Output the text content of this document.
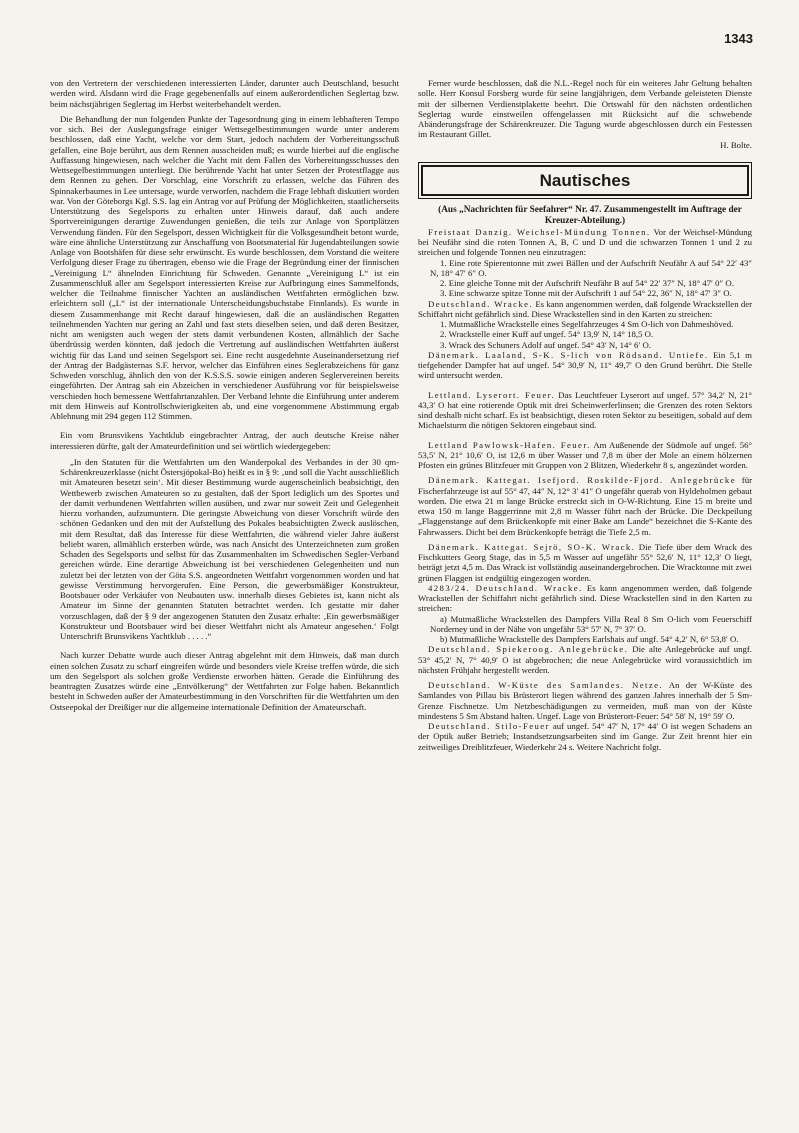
1343

von den Vertretern der verschiedenen interessierten Länder, darunter auch Deutschland, besucht werden wird. Alsdann wird die Frage gegebenenfalls auf einem außerordentlichen Seglertag bzw. beim nächstjährigen Seglertag im Herbst weiterbehandelt werden.

Die Behandlung der nun folgenden Punkte der Tagesordnung ging in einem lebhafteren Tempo vor sich. Bei der Auslegungsfrage einiger Wettsegelbestimmungen wurde unter anderem beschlossen, daß eine Yacht, welche vor dem Start, jedoch nachdem der Vorbereitungsschuß gefallen, eine Boje berührt, aus dem Rennen ausscheiden muß; es wurde hierbei auf die englische Auffassung hingewiesen, nach welcher die Yacht mit dem Fallen des Vorbereitungsschusses den Wettsegelbestimmungen unterliegt. Die berührende Yacht hat unter Setzen der Protestflagge aus dem Rennen zu gehen. Der Vorschlag, eine Vorschrift zu erlassen, welche das Führen des Spinnakerbaumes in Lee untersage, wurde verworfen, nachdem die Frage lebhaft diskutiert worden war. Von der Göteborgs Kgl. S.S. lag ein Antrag vor auf Prüfung der Möglichkeiten, staatlicherseits Unterstützung des Segelsports zu erhalten unter Hinweis darauf, daß auch andere Sportvereinigungen derartige Zuwendungen genießen, die teils zur Anlage von Sportplätzen Verwendung fänden. Für den Segelsport, dessen Wichtigkeit für die Volksgesundheit betont wurde, wäre eine ähnliche Unterstützung zur Anschaffung von Bootsmaterial für Jugendabteilungen sowie Anlage von Bootshäfen für diese sehr erwünscht. Es wurde beschlossen, dem Vorstand die weitere Verfolgung dieser Frage zu übertragen, ebenso wie die Frage der Begründung einer der finnischen „Vereinigung L“ ähnelnden Einrichtung für Schweden. Genannte „Vereinigung L“ ist ein Zusammenschluß aller am Segelsport interessierten Kreise zur Aufbringung eines Sammelfonds, welcher die Teilnahme finnischer Yachten an ausländischen Wettfahrten ermöglichen bzw. erleichtern soll („L“ ist der internationale Unterscheidungsbuchstabe Finnlands). Es wurde in diesem Zusammenhange mit Recht darauf hingewiesen, daß die an ausländischen Regatten teilnehmenden Yachten nur gering an Zahl und fast stets dieselben seien, und daß deren Besitzer, nicht am wenigsten auch wegen der stets damit verbundenen Kosten, allmählich der Sache überdrüssig werden könnten, daß jedoch die Vertretung auf ausländischen Wettfahrten äußerst wichtig für das Land und seinen Segelsport sei. Eine recht ausgedehnte Auseinandersetzung rief der Antrag der Badgästernas S.F. hervor, welcher das Einführen eines Seglerabzeichens für ganz Schweden vorschlug, ähnlich den von der K.S.S.S. sowie einigen anderen Seglervereinen bereits eingeführten. Der Antrag sah ein Abzeichen in verschiedener Ausführung vor für beispielsweise verschieden hoch bemessene Wettfahrtanzahlen. Der Verband lehnte die Einführung unter anderem mit dem Hinweis auf Kontrollschwierigkeiten ab, und eine vorgenommene Abstimmung ergab Ablehnung mit 294 gegen 112 Stimmen.

Ein vom Brunsvikens Yachtklub eingebrachter Antrag, der auch deutsche Kreise näher interessieren dürfte, galt der Amateurdefinition und sei wörtlich wiedergegeben:

„In den Statuten für die Wettfahrten um den Wanderpokal des Verbandes in der 30 qm-Schärenkreuzerklasse (nicht Östersjöpokal-Bo) heißt es in § 9: ‚und soll die Yacht ausschließlich mit Amateuren besetzt sein‘. Mit dieser Bestimmung wurde augenscheinlich beabsichtigt, den Wettbewerb zwischen Amateuren so zu gestalten, daß der Sport lediglich um des Sportes und der damit verbundenen Wettfahrten willen ausüben, und zwar nur soweit Zeit und Gelegenheit hierzu vorhanden, aufzumuntern. Die geringste Abweichung von dieser Vorschrift würde den schönen Gedanken und den mit der Aufstellung des Pokales beabsichtigten Zweck auslöschen, mit dem Resultat, daß das Interesse für diese Wettfahrten, die während vieler Jahre äußerst beliebt waren, allmählich ersterben würde, was nach Ansicht des Unterzeichneten zum großen Schaden des Segelsports und selbst für das Zusammenhalten im Schwedischen Segler-Verband gereichen würde. Eine derartige Abweichung ist bei verschiedenen Gelegenheiten und nun zuletzt bei der letzten von der Göta S.S. angeordneten Wettfahrt vorgenommen worden und hat gewisse Verstimmung hervorgerufen. Eine Person, die gewerbsmäßiger Konstrukteur, Bootsbauer oder Verkäufer von Neubauten usw. innerhalb dieses Gebietes ist, kann nicht als Amateur im Sinne der genannten Statuten betrachtet werden. Ich gestatte mir daher vorzuschlagen, daß der § 9 der angezogenen Statuten den Zusatz erhalte: ‚Ein gewerbsmäßiger Konstrukteur und Bootsbauer wird bei dieser Wettfahrt nicht als Amateur angesehen.‘ Folgt Unterschrift Brunsvikens Yachtklub . . . . .“

Nach kurzer Debatte wurde auch dieser Antrag abgelehnt mit dem Hinweis, daß man durch einen solchen Zusatz zu scharf eingreifen würde und besonders viele Kreise treffen würde, die sich um den Segelsport als solchen große Verdienste erworben hätten. Gerade die Einführung des beantragten Zusatzes würde eine „Entvölkerung“ der Wettfahrten zur Folge haben. Bekanntlich besteht in Schweden außer der Amateurbestimmung in den Vorschriften für die Wettfahrten um den Ostseepokal der Dreißiger nur die allgemeine internationale Definition der Amateurschaft.

Ferner wurde beschlossen, daß die N.L.-Regel noch für ein weiteres Jahr Geltung behalten solle. Herr Konsul Forsberg wurde für seine langjährigen, dem Verbande geleisteten Dienste mit der silbernen Verdienstplakette beehrt. Die Ortswahl für den nächsten ordentlichen Seglertag wurde einstweilen offengelassen mit Rücksicht auf die schwebende Abänderungsfrage der Schärenkreuzer. Die Tagung wurde abgeschlossen durch ein Festessen im Restaurant Gillet.

H. Bolte.

Nautisches

(Aus „Nachrichten für Seefahrer“ Nr. 47. Zusammengestellt im Auftrage der Kreuzer-Abteilung.)

Freistaat Danzig. Weichsel-Mündung Tonnen. Vor der Weichsel-Mündung bei Neufähr sind die roten Tonnen A, B, C und D und die schwarzen Tonnen 1 und 2 zu streichen und folgende Tonnen neu einzutragen:

1. Eine rote Spierentonne mit zwei Bällen und der Aufschrift Neufähr A auf 54° 22′ 43″ N, 18° 47′ 6″ O.

2. Eine gleiche Tonne mit der Aufschrift Neufähr B auf 54° 22′ 37″ N, 18° 47′ 0″ O.

3. Eine schwarze spitze Tonne mit der Aufschrift 1 auf 54° 22, 36″ N, 18° 47′ 3″ O.

Deutschland. Wracke. Es kann angenommen werden, daß folgende Wrackstellen der Schiffahrt nicht gefährlich sind. Diese Wrackstellen sind in den Karten zu streichen:

1. Mutmaßliche Wrackstelle eines Segelfahrzeuges 4 Sm O-lich von Dahmeshöved.

2. Wrackstelle einer Kuff auf ungef. 54° 13,9′ N, 14° 18,5 O.

3. Wrack des Schuners Adolf auf ungef. 54° 43′ N, 14° 6′ O.

Dänemark. Laaland, S-K. S-lich von Rödsand. Untiefe. Ein 5,1 m tiefgehender Dampfer hat auf ungef. 54° 30,9′ N, 11° 49,7′ O den Grund berührt. Die Stelle wird untersucht werden.

Lettland. Lyserort. Feuer. Das Leuchtfeuer Lyserort auf ungef. 57° 34,2′ N, 21° 43,3′ O hat eine rotierende Optik mit drei Scheinwerferlinsen; die Grenzen des roten Sektors sind deshalb nicht scharf. Es ist beabsichtigt, diesen roten Sektor zu beseitigen, sobald auf dem Michaelsturm die nötigen Sektoren eingebaut sind.

Lettland Pawlowsk-Hafen. Feuer. Am Außenende der Südmole auf ungef. 56° 53,5′ N, 21° 10,6′ O, ist 12,6 m über Wasser und 7,8 m über der Mole an einem hölzernen Pfosten ein grünes Blitzfeuer mit Gruppen von 2 Blitzen, Wiederkehr 8 s, angezündet worden.

Dänemark. Kattegat. Isefjord. Roskilde-Fjord. Anlegebrücke für Fischerfahrzeuge ist auf 55° 47, 44″ N, 12° 3′ 41″ O ungefähr querab von Hyldeholmen gebaut worden. Die etwa 21 m lange Brücke erstreckt sich in O-W-Richtung. Eine 15 m breite und etwa 150 m lange Baggerrinne mit 2,8 m Wasser führt nach der Brücke. Die Deckpeilung „Flaggenstange auf dem Brückenkopfe mit einer Bake am Lande“ bezeichnet die S-Kante des Fahrwassers. Dicht bei dem Brückenkopfe beträgt die Tiefe 2,5 m.

Dänemark. Kattegat. Sejrö, SO-K. Wrack. Die Tiefe über dem Wrack des Fischkutters Georg Stage, das in 5,5 m Wasser auf ungefähr 55° 52,6′ N, 11° 12,3′ O liegt, beträgt jetzt 4,5 m. Das Wrack ist vollständig auseinandergebrochen. Die Wracktonne mit zwei grünen Flaggen ist endgültig eingezogen worden.

4283/24. Deutschland. Wracke. Es kann angenommen werden, daß folgende Wrackstellen der Schiffahrt nicht gefährlich sind. Diese Wrackstellen sind in den Karten zu streichen:

a) Mutmaßliche Wrackstellen des Dampfers Villa Real 8 Sm O-lich vom Feuerschiff Norderney und in der Nähe von ungefähr 53° 57′ N, 7° 37′ O.

b) Mutmaßliche Wrackstelle des Dampfers Earlshais auf ungf. 54° 4,2′ N, 6° 53,8′ O.

Deutschland. Spiekeroog. Anlegebrücke. Die alte Anlegebrücke auf ungf. 53° 45,2′ N, 7° 40,9′ O ist abgebrochen; die neue Anlegebrücke wird voraussichtlich im nächsten Frühjahr hergestellt werden.

Deutschland. W-Küste des Samlandes. Netze. An der W-Küste des Samlandes von Pillau bis Brüsterort liegen während des ganzen Jahres innerhalb der 5 Sm-Grenze Fischnetze. Um Netzbeschädigungen zu vermeiden, muß man von der Küste mindestens 5 Sm Abstand halten. Ungef. Lage von Brüsterort-Feuer: 54° 58′ N, 19° 59′ O.

Deutschland. Stilo-Feuer auf ungef. 54° 47′ N, 17° 44′ O ist wegen Schadens an der Optik außer Betrieb; Instandsetzungsarbeiten sind im Gange. Zur Zeit brennt hier ein zeitweiliges Dreiblitzfeuer, Wiederkehr 24 s. Weitere Nachricht folgt.
